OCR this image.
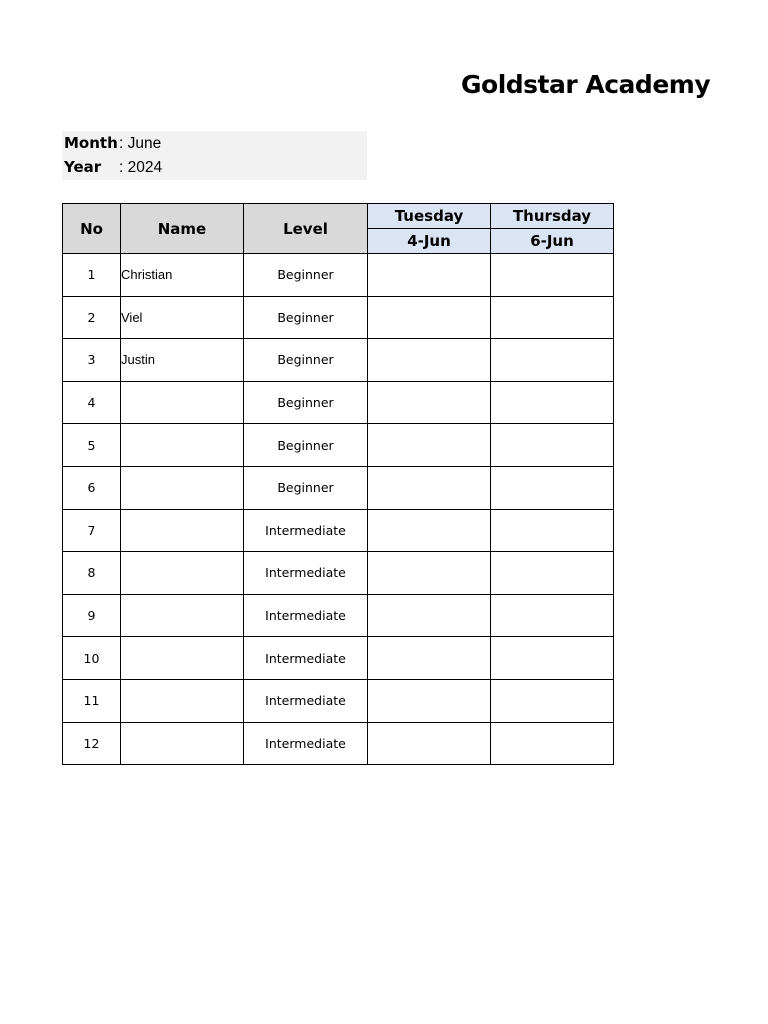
Goldstar Academy
Month: June
Year : 2024
No	Name	Level	Tuesday	Thursday
			4-Jun	6-Jun
1	Christian	Beginner		
2	Viel	Beginner		
3	Justin	Beginner		
4		Beginner		
5		Beginner		
6		Beginner		
7		Intermediate		
8		Intermediate		
9		Intermediate		
10		Intermediate		
11		Intermediate		
12		Intermediate		
